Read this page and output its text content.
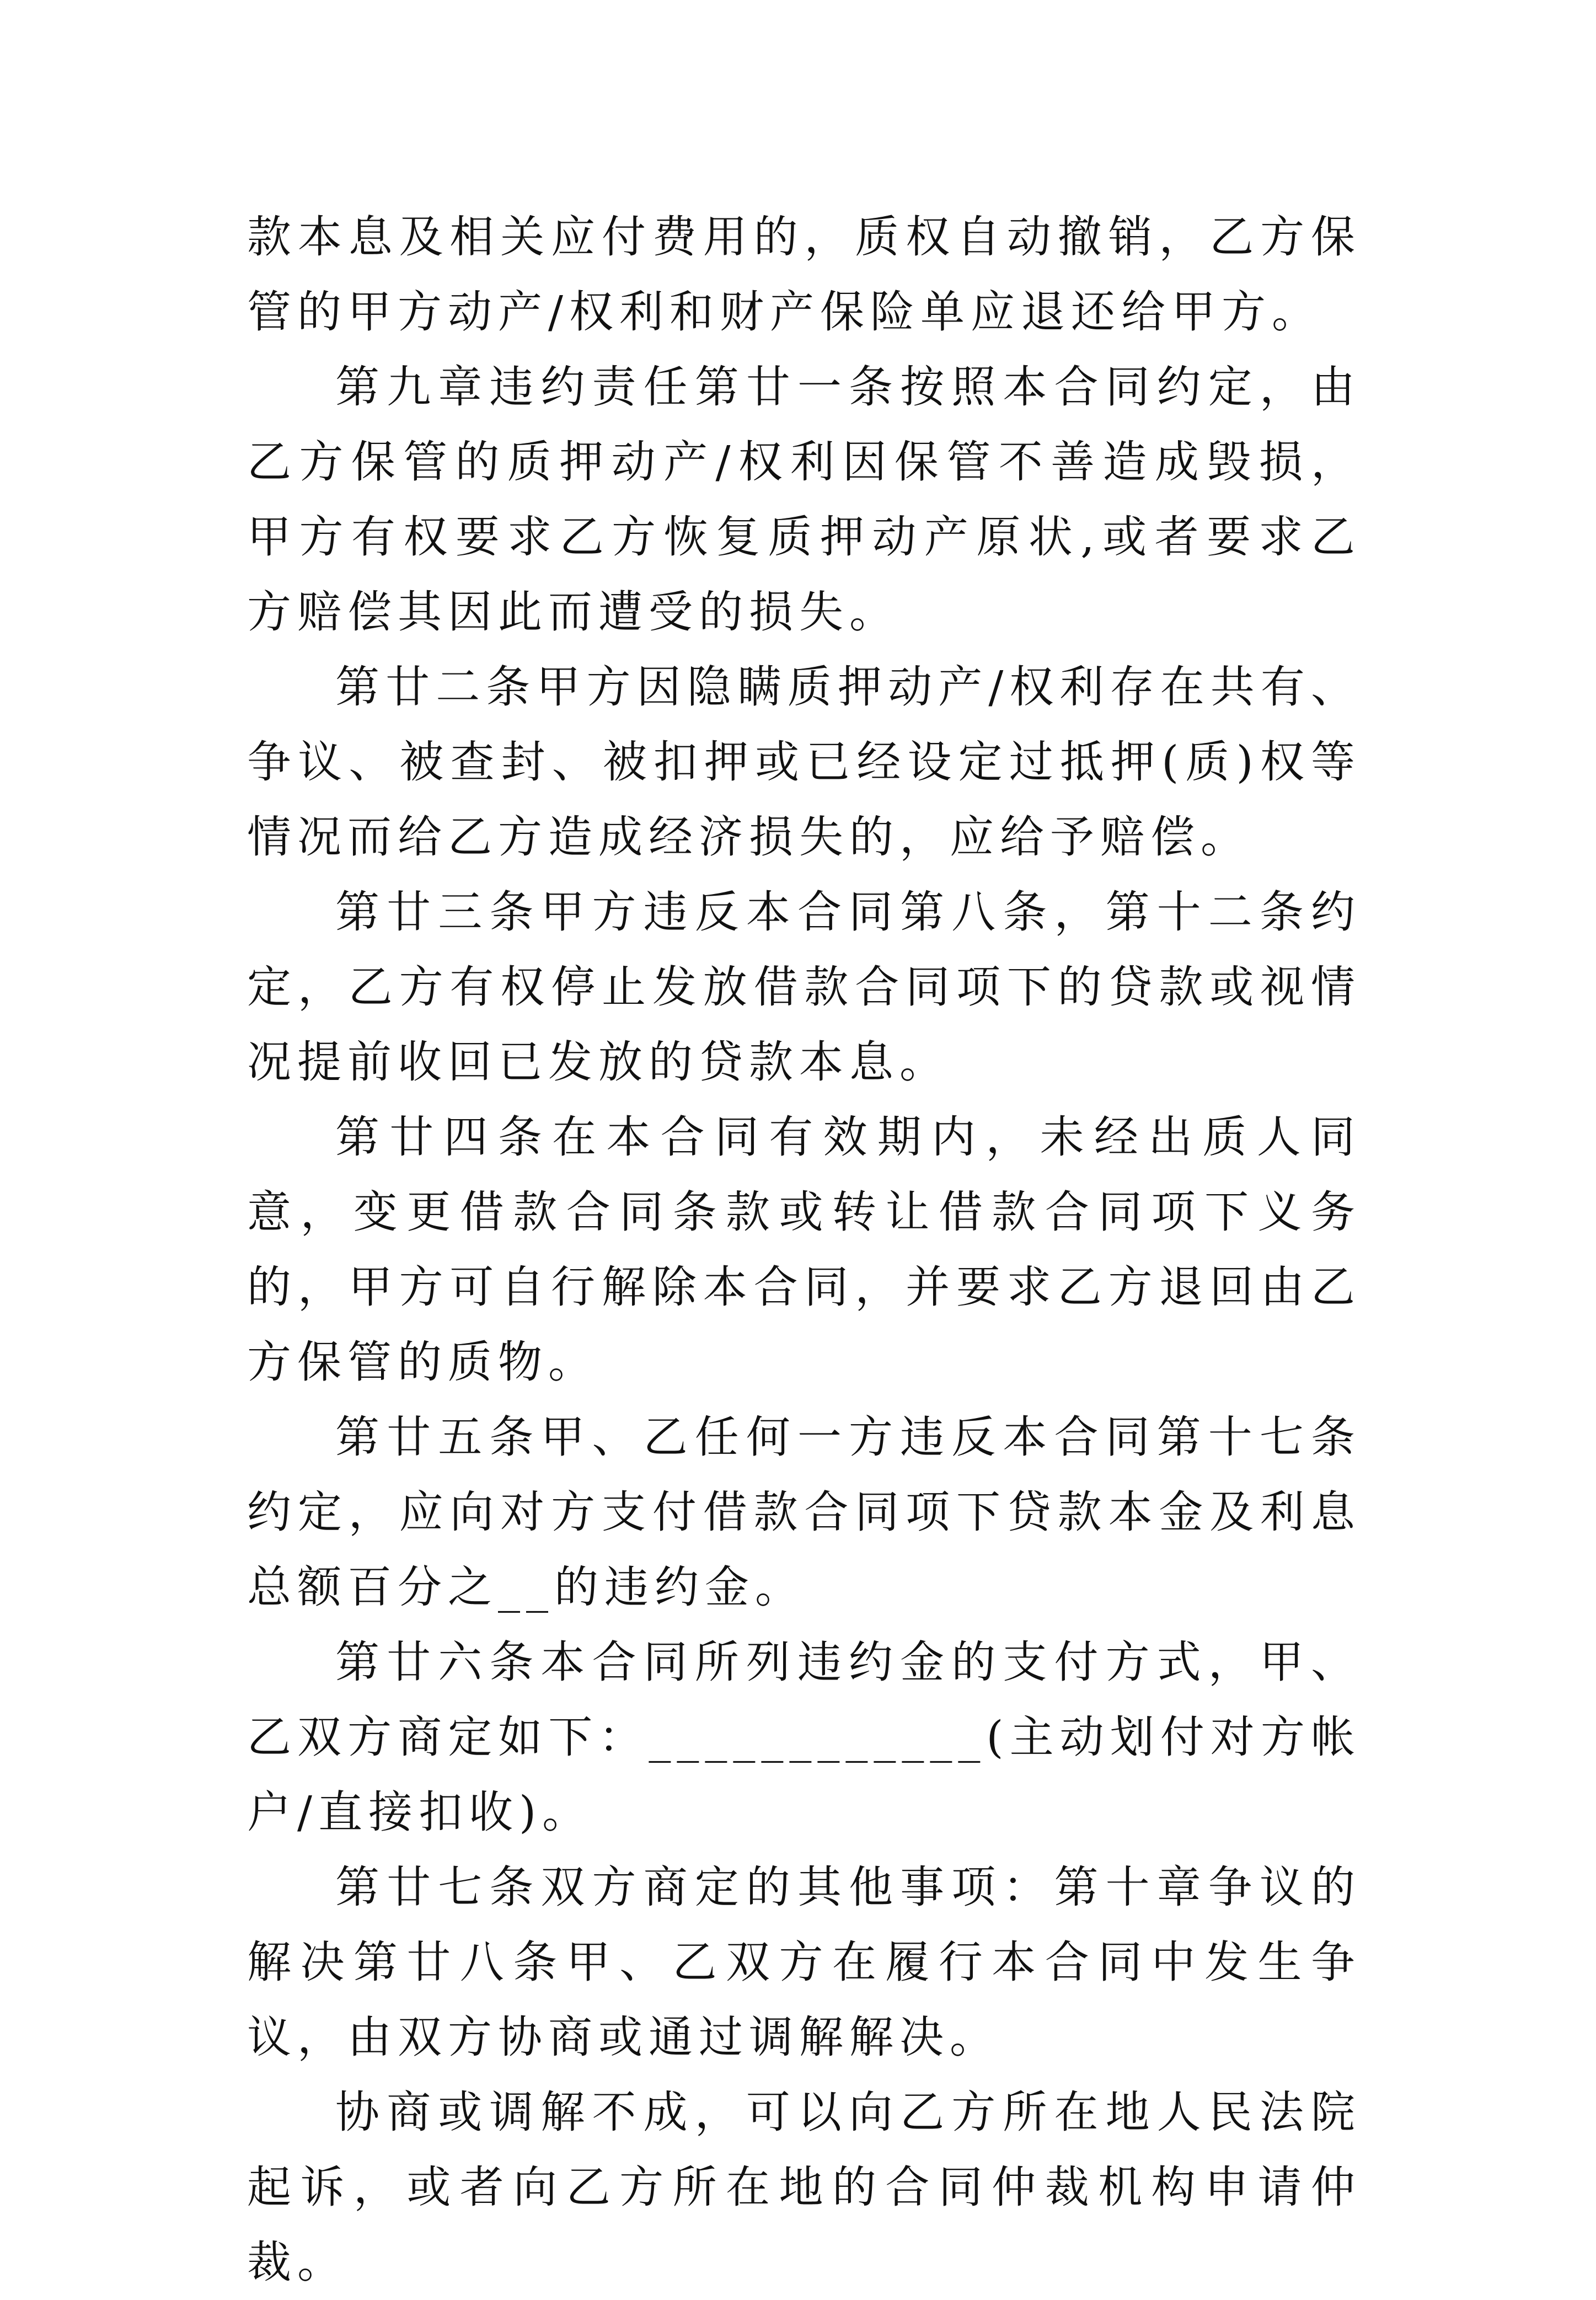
款本息及相关应付费用的，质权自动撤销，乙方保管的甲方动产/权利和财产保险单应退还给甲方。

第九章违约责任第廿一条按照本合同约定，由乙方保管的质押动产/权利因保管不善造成毁损，甲方有权要求乙方恢复质押动产原状,或者要求乙方赔偿其因此而遭受的损失。

第廿二条甲方因隐瞒质押动产/权利存在共有、争议、被查封、被扣押或已经设定过抵押(质)权等情况而给乙方造成经济损失的，应给予赔偿。

第廿三条甲方违反本合同第八条，第十二条约定，乙方有权停止发放借款合同项下的贷款或视情况提前收回已发放的贷款本息。

第廿四条在本合同有效期内，未经出质人同意，变更借款合同条款或转让借款合同项下义务的，甲方可自行解除本合同，并要求乙方退回由乙方保管的质物。

第廿五条甲、乙任何一方违反本合同第十七条约定，应向对方支付借款合同项下贷款本金及利息总额百分之__的违约金。

第廿六条本合同所列违约金的支付方式，甲、乙双方商定如下：____________(主动划付对方帐户/直接扣收)。

第廿七条双方商定的其他事项：第十章争议的解决第廿八条甲、乙双方在履行本合同中发生争议，由双方协商或通过调解解决。

协商或调解不成，可以向乙方所在地人民法院起诉，或者向乙方所在地的合同仲裁机构申请仲裁。
